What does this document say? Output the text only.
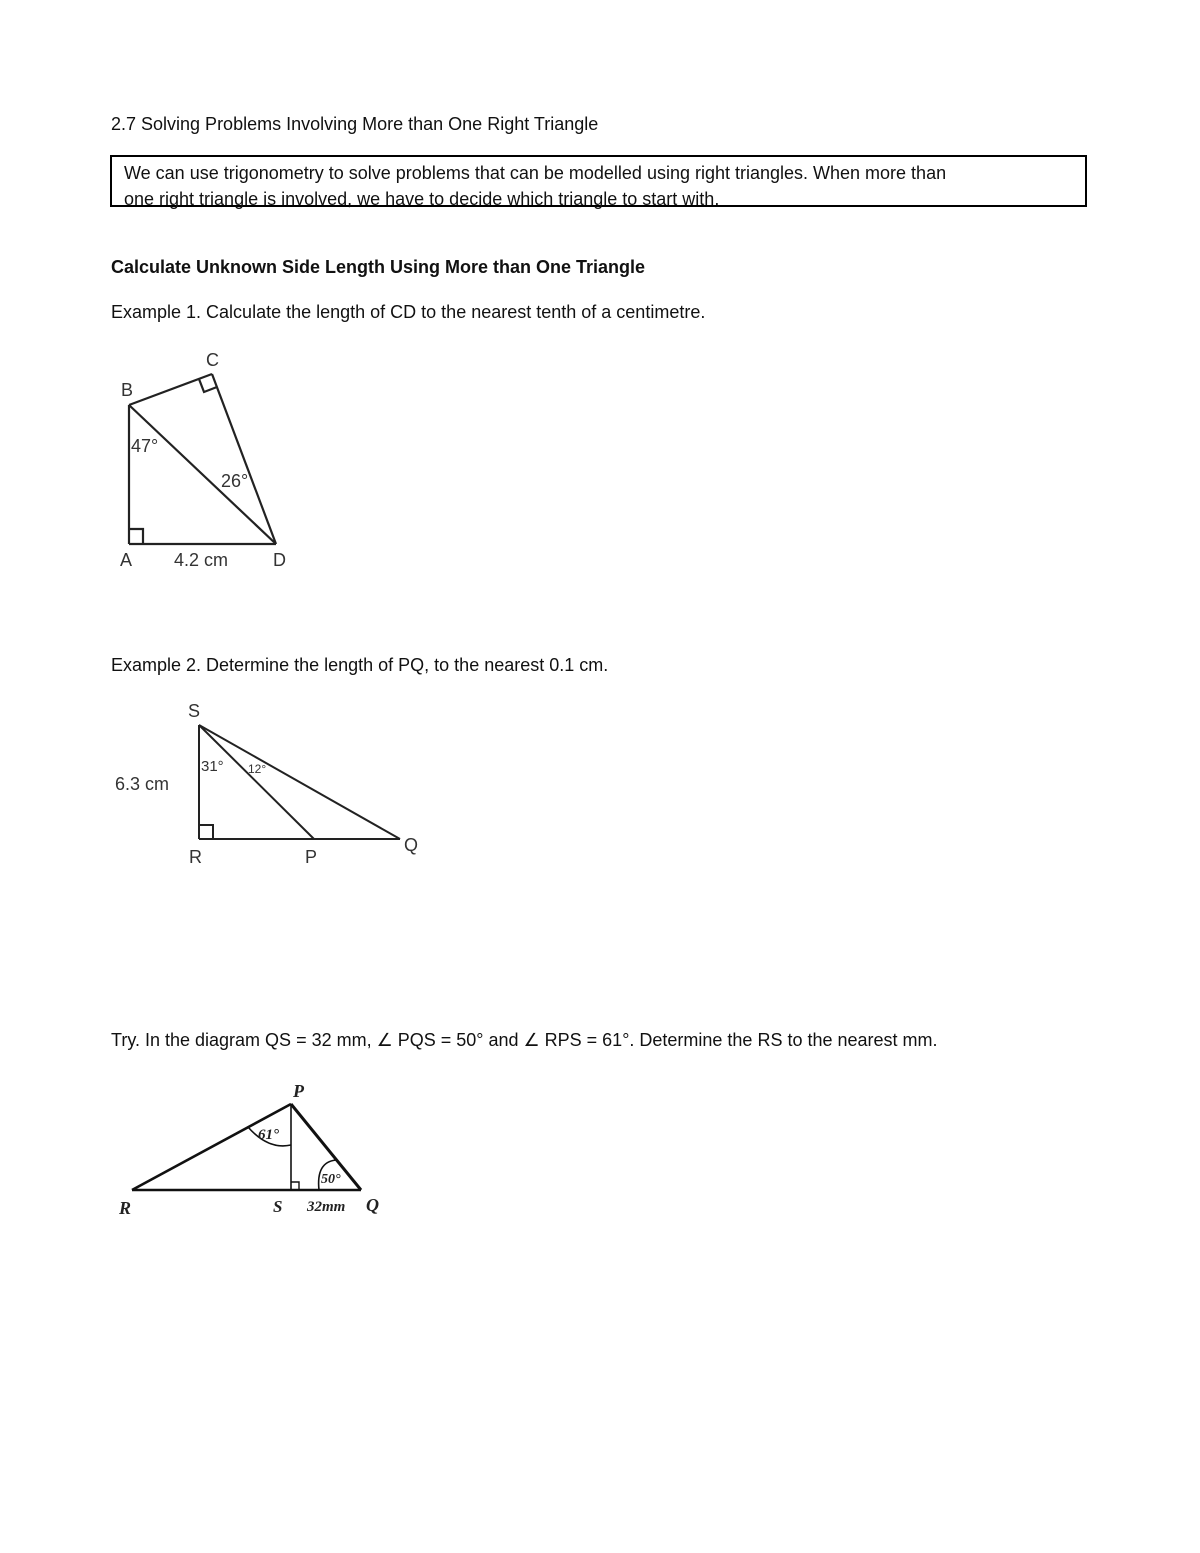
2.7 Solving Problems Involving More than One Right Triangle

We can use trigonometry to solve problems that can be modelled using right triangles. When more than

one right triangle is involved, we have to decide which triangle to start with.

Calculate Unknown Side Length Using More than One Triangle

Example 1. Calculate the length of CD to the nearest tenth of a centimetre.

C
B
47°
26°
A 4.2 cm D

Example 2. Determine the length of PQ, to the nearest 0.1 cm.

S
31° 12°
6.3 cm
R	P
Q

Try. In the diagram QS = 32 mm, ∠ PQS = 50° and ∠ RPS = 61°. Determine the RS to the nearest mm.

P
61°
50°
R	S 32mm Q
